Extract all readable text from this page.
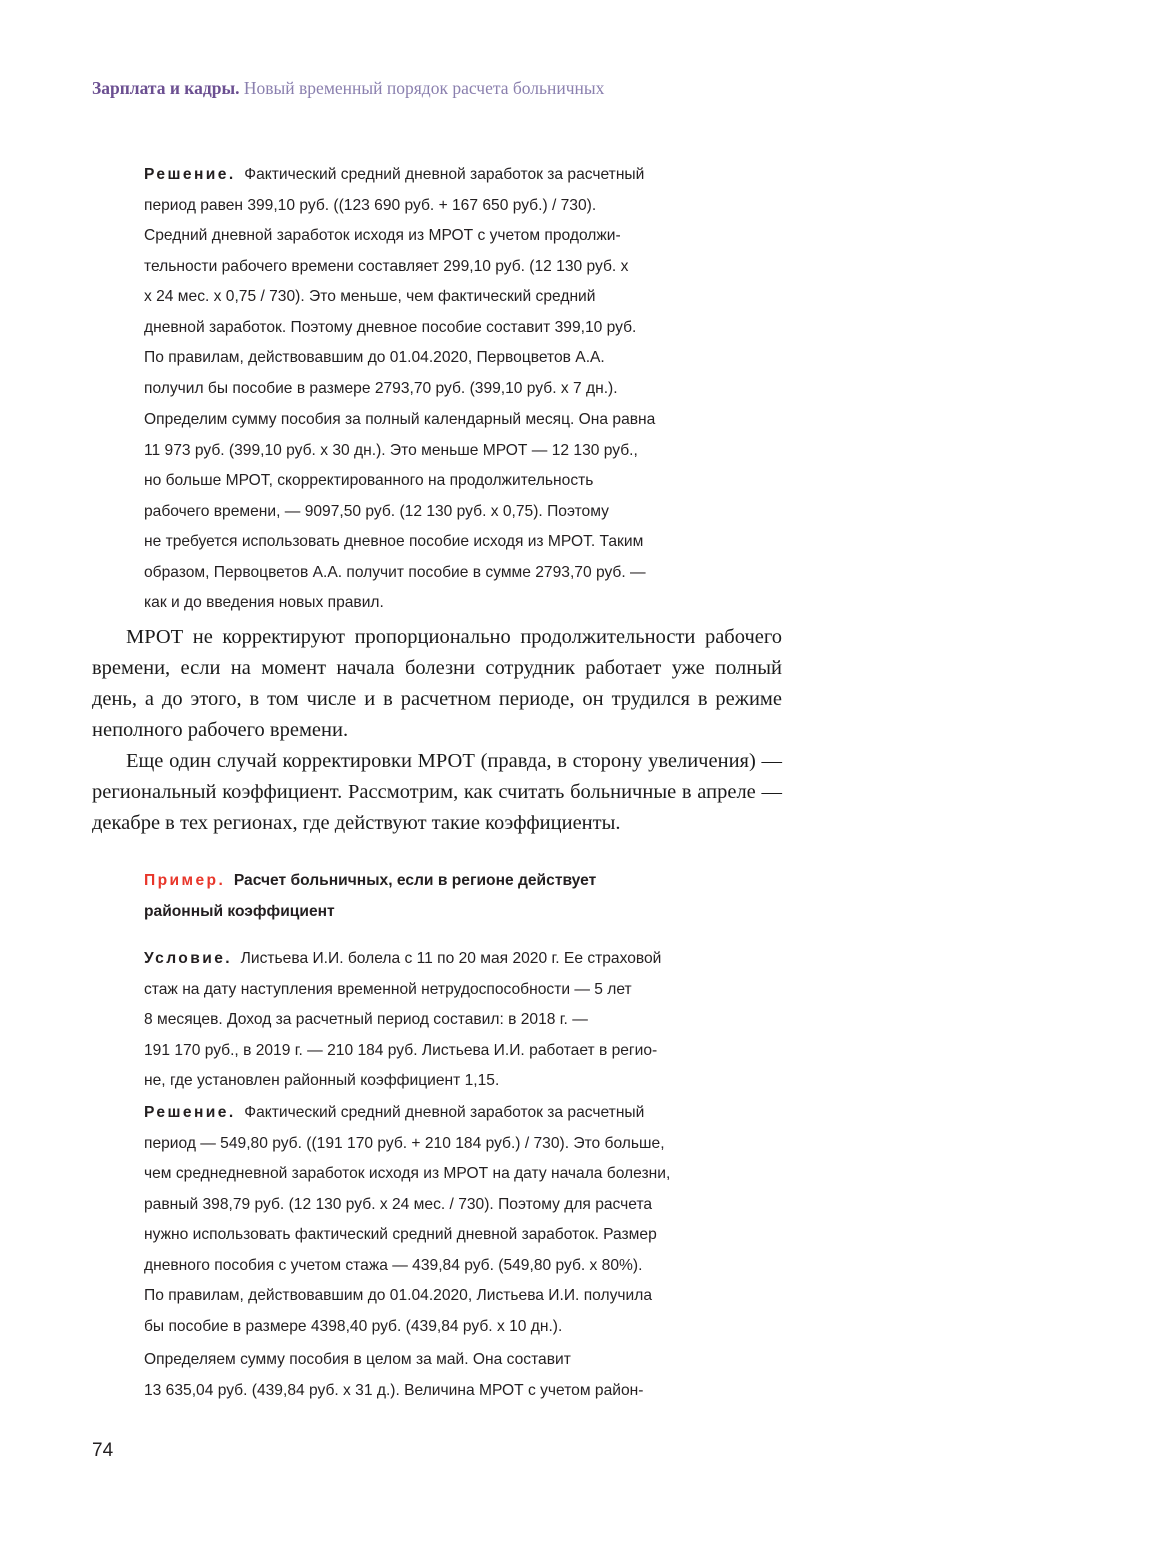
Зарплата и кадры. Новый временный порядок расчета больничных
Решение. Фактический средний дневной заработок за расчетный
период равен 399,10 руб. ((123 690 руб. + 167 650 руб.) / 730).
Средний дневной заработок исходя из МРОТ с учетом продолжи-
тельности рабочего времени составляет 299,10 руб. (12 130 руб. х
х 24 мес. х 0,75 / 730). Это меньше, чем фактический средний
дневной заработок. Поэтому дневное пособие составит 399,10 руб.
По правилам, действовавшим до 01.04.2020, Первоцветов А.А.
получил бы пособие в размере 2793,70 руб. (399,10 руб. х 7 дн.).
Определим сумму пособия за полный календарный месяц. Она равна
11 973 руб. (399,10 руб. х 30 дн.). Это меньше МРОТ — 12 130 руб.,
но больше МРОТ, скорректированного на продолжительность
рабочего времени, — 9097,50 руб. (12 130 руб. х 0,75). Поэтому
не требуется использовать дневное пособие исходя из МРОТ. Таким
образом, Первоцветов А.А. получит пособие в сумме 2793,70 руб. —
как и до введения новых правил.

МРОТ не корректируют пропорционально продолжительности рабочего времени, если на момент начала болезни сотрудник работает уже полный день, а до этого, в том числе и в расчетном периоде, он трудился в режиме неполного рабочего времени.

Еще один случай корректировки МРОТ (правда, в сторону увеличения) — региональный коэффициент. Рассмотрим, как считать больничные в апреле — декабре в тех регионах, где действуют такие коэффициенты.

Пример. Расчет больничных, если в регионе действует
районный коэффициент
Условие. Листьева И.И. болела с 11 по 20 мая 2020 г. Ее страховой
стаж на дату наступления временной нетрудоспособности — 5 лет
8 месяцев. Доход за расчетный период составил: в 2018 г. —
191 170 руб., в 2019 г. — 210 184 руб. Листьева И.И. работает в регио-
не, где установлен районный коэффициент 1,15.
Решение. Фактический средний дневной заработок за расчетный
период — 549,80 руб. ((191 170 руб. + 210 184 руб.) / 730). Это больше,
чем среднедневной заработок исходя из МРОТ на дату начала болезни,
равный 398,79 руб. (12 130 руб. х 24 мес. / 730). Поэтому для расчета
нужно использовать фактический средний дневной заработок. Размер
дневного пособия с учетом стажа — 439,84 руб. (549,80 руб. х 80%).
По правилам, действовавшим до 01.04.2020, Листьева И.И. получила
бы пособие в размере 4398,40 руб. (439,84 руб. х 10 дн.).
Определяем сумму пособия в целом за май. Она составит
13 635,04 руб. (439,84 руб. х 31 д.). Величина МРОТ с учетом район-
74
